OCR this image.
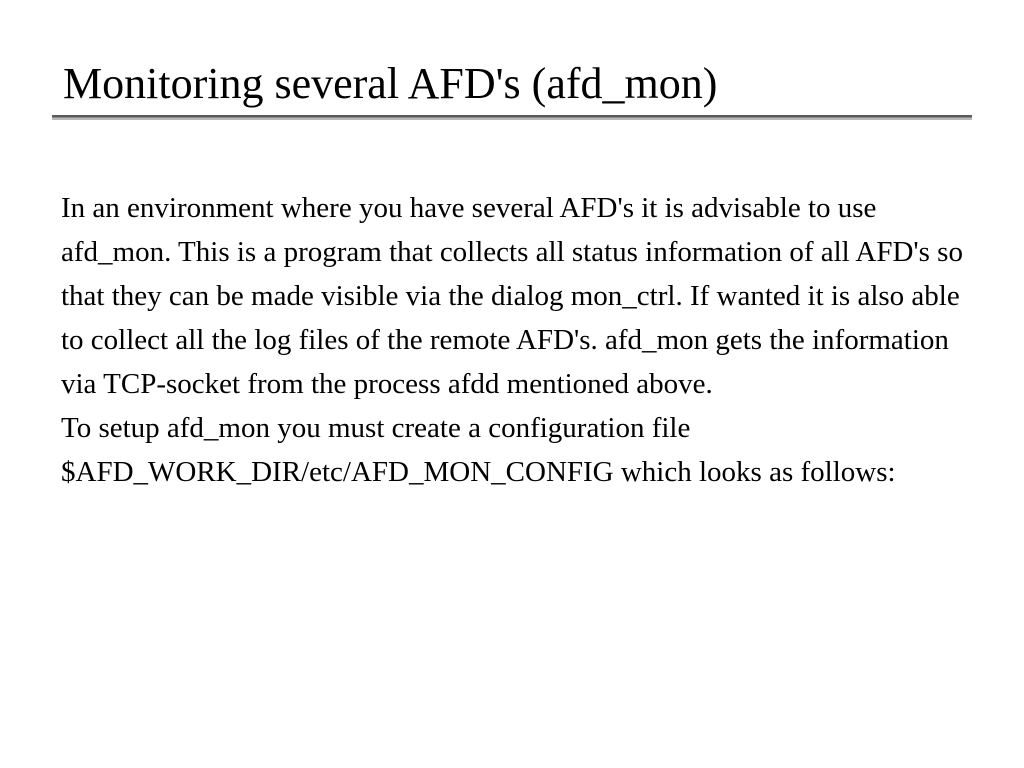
Monitoring several AFD's (afd_mon)

In an environment where you have several AFD's it is advisable to use afd_mon. This is a program that collects all status information of all AFD's so that they can be made visible via the dialog mon_ctrl. If wanted it is also able to collect all the log files of the remote AFD's. afd_mon gets the information via TCP-socket from the process afdd mentioned above.

To setup afd_mon you must create a configuration file $AFD_WORK_DIR/etc/AFD_MON_CONFIG which looks as follows:
